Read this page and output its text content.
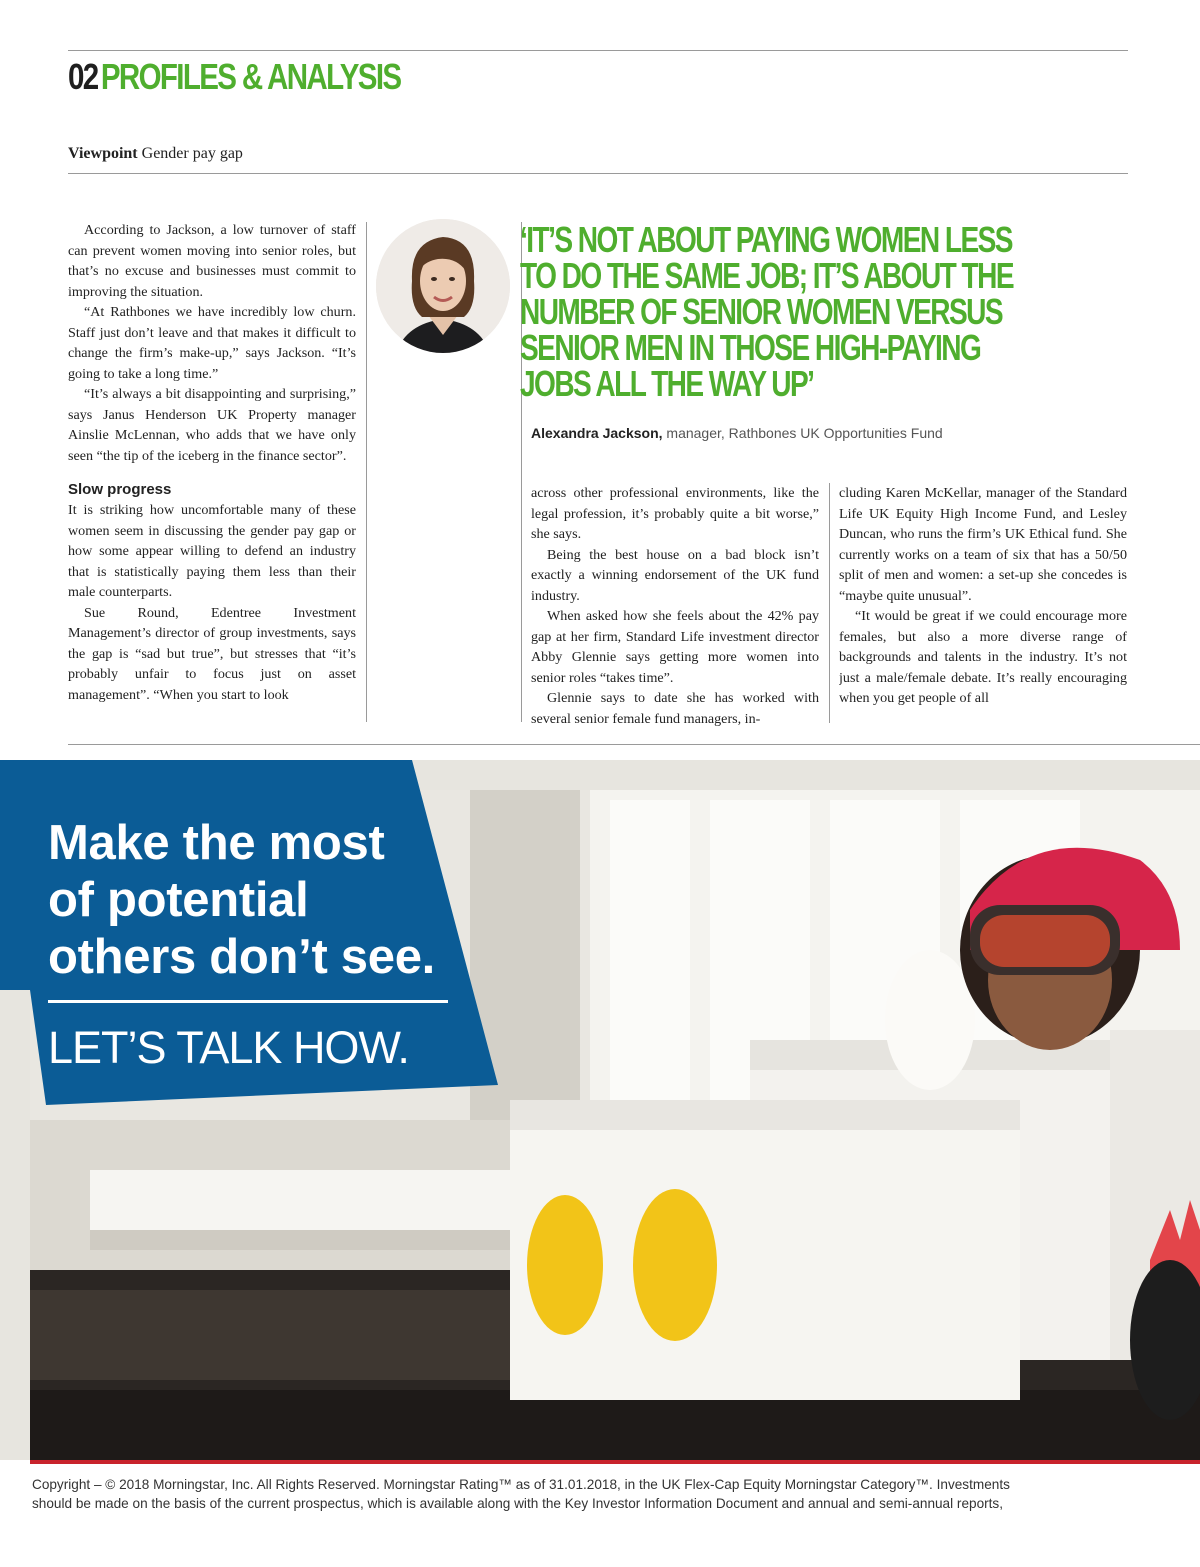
02PROFILES & ANALYSIS
Viewpoint Gender pay gap

According to Jackson, a low turnover of staff can prevent women moving into senior roles, but that’s no excuse and businesses must commit to improving the situation.

“At Rathbones we have incredibly low churn. Staff just don’t leave and that makes it difficult to change the firm’s make-up,” says Jackson. “It’s going to take a long time.”

“It’s always a bit disappointing and surprising,” says Janus Henderson UK Property manager Ainslie McLennan, who adds that we have only seen “the tip of the iceberg in the finance sector”.

Slow progress

It is striking how uncomfortable many of these women seem in discussing the gender pay gap or how some appear willing to defend an industry that is statistically paying them less than their male counterparts.

Sue Round, Edentree Investment Management’s director of group investments, says the gap is “sad but true”, but stresses that “it’s probably unfair to focus just on asset management”. “When you start to look

‘IT’S NOT ABOUT PAYING WOMEN LESS
TO DO THE SAME JOB; IT’S ABOUT THE
NUMBER OF SENIOR WOMEN VERSUS
SENIOR MEN IN THOSE HIGH-PAYING
JOBS ALL THE WAY UP’
Alexandra Jackson, manager, Rathbones UK Opportunities Fund

across other professional environments, like the legal profession, it’s probably quite a bit worse,” she says.

Being the best house on a bad block isn’t exactly a winning endorsement of the UK fund industry.

When asked how she feels about the 42% pay gap at her firm, Standard Life investment director Abby Glennie says getting more women into senior roles “takes time”.

Glennie says to date she has worked with several senior female fund managers, in-

cluding Karen McKellar, manager of the Standard Life UK Equity High Income Fund, and Lesley Duncan, who runs the firm’s UK Ethical fund. She currently works on a team of six that has a 50/50 split of men and women: a set-up she concedes is “maybe quite unusual”.

“It would be great if we could encourage more females, but also a more diverse range of backgrounds and talents in the industry. It’s not just a male/female debate. It’s really encouraging when you get people of all

Make the most
of potential
others don’t see.
LET’S TALK HOW.
Copyright – © 2018 Morningstar, Inc. All Rights Reserved. Morningstar Rating™ as of 31.01.2018, in the UK Flex-Cap Equity Morningstar Category™. Investments
should be made on the basis of the current prospectus, which is available along with the Key Investor Information Document and annual and semi-annual reports,
